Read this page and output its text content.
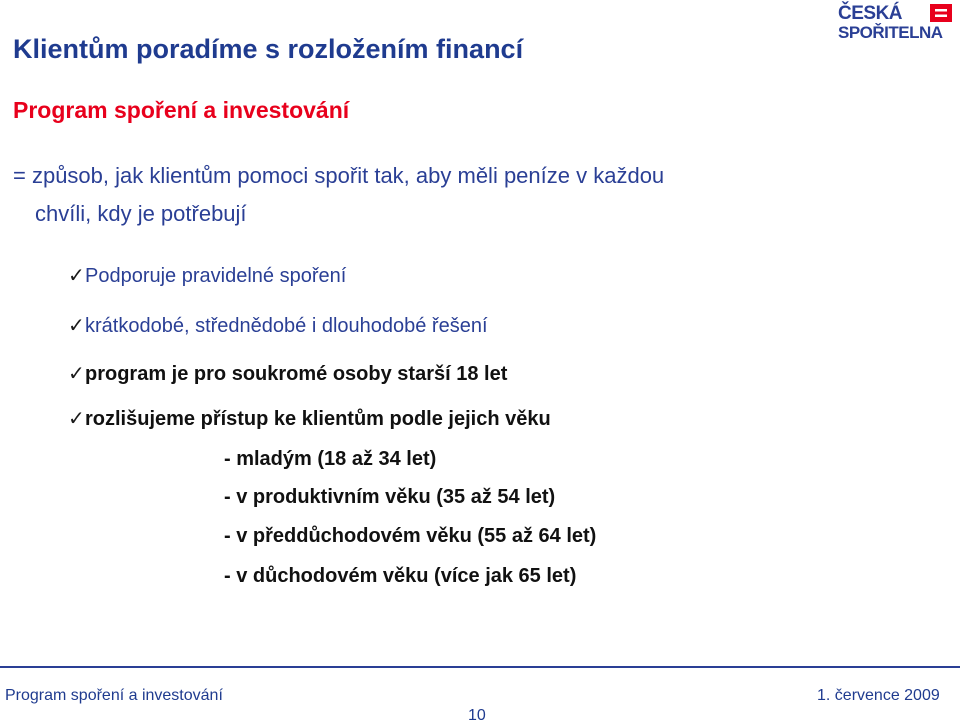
ČESKÁ
SPOŘITELNA
Klientům poradíme s rozložením financí
Program spoření a investování

= způsob, jak klientům pomoci spořit tak, aby měli peníze v každou

chvíli, kdy je potřebují

✓Podporuje pravidelné spoření

✓krátkodobé, střednědobé i dlouhodobé řešení

✓program je pro soukromé osoby starší 18 let

✓rozlišujeme přístup ke klientům podle jejich věku

- mladým (18 až 34 let)

- v produktivním věku (35 až 54 let)

- v předdůchodovém věku (55 až 64 let)

- v důchodovém věku (více jak 65 let)

Program spoření a investování	1. července 2009
10
